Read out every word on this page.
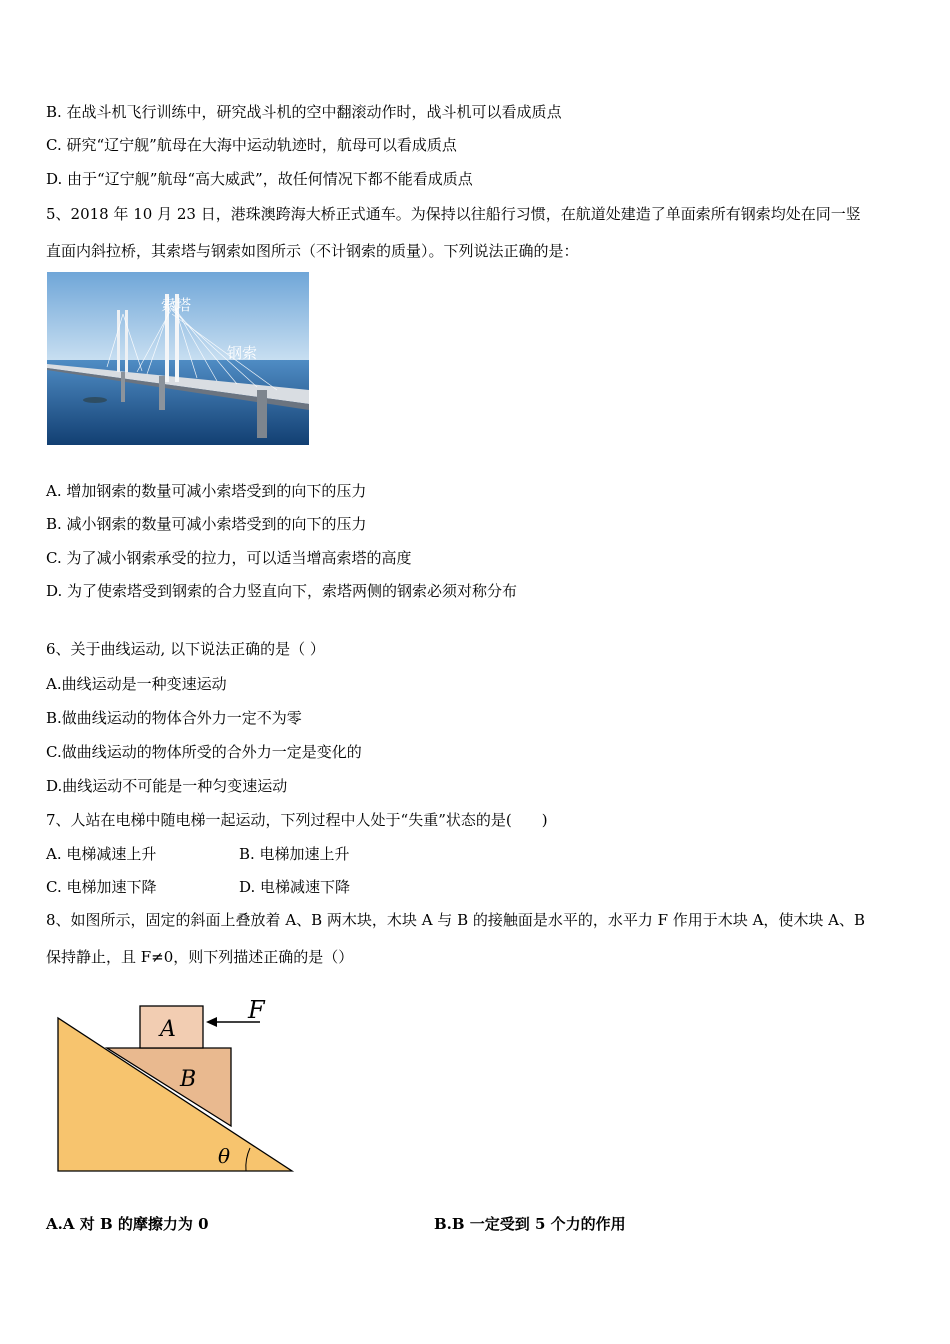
B. 在战斗机飞行训练中，研究战斗机的空中翻滚动作时，战斗机可以看成质点
C. 研究“辽宁舰”航母在大海中运动轨迹时，航母可以看成质点
D. 由于“辽宁舰”航母“高大威武”，故任何情况下都不能看成质点
5、2018 年 10 月 23 日，港珠澳跨海大桥正式通车。为保持以往船行习惯，在航道处建造了单面索所有钢索均处在同一竖
直面内斜拉桥，其索塔与钢索如图所示（不计钢索的质量）。下列说法正确的是：
索塔
钢索
A. 增加钢索的数量可减小索塔受到的向下的压力
B. 减小钢索的数量可减小索塔受到的向下的压力
C. 为了减小钢索承受的拉力，可以适当增高索塔的高度
D. 为了使索塔受到钢索的合力竖直向下，索塔两侧的钢索必须对称分布
6、关于曲线运动, 以下说法正确的是（ ）
A.曲线运动是一种变速运动
B.做曲线运动的物体合外力一定不为零
C.做曲线运动的物体所受的合外力一定是变化的
D.曲线运动不可能是一种匀变速运动
7、人站在电梯中随电梯一起运动，下列过程中人处于“失重”状态的是(　　)
A. 电梯减速上升	B. 电梯加速上升
C. 电梯加速下降	D. 电梯减速下降
8、如图所示，固定的斜面上叠放着 A、B 两木块，木块 A 与 B 的接触面是水平的，水平力 F 作用于木块 A，使木块 A、B
保持静止，且 F≠0，则下列描述正确的是（）
A
B
F
θ
A.A 对 B 的摩擦力为 0	B.B 一定受到 5 个力的作用
